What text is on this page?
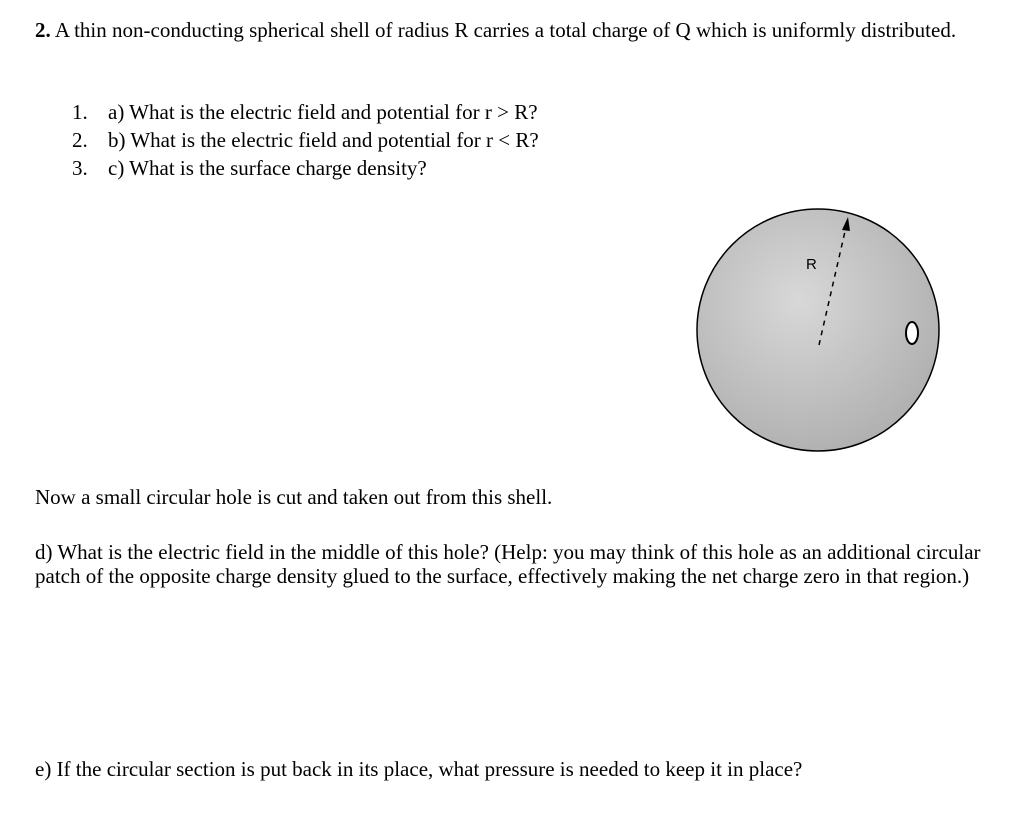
2. A thin non-conducting spherical shell of radius R carries a total charge of Q which is uniformly distributed.
1. a) What is the electric field and potential for r > R?
2. b) What is the electric field and potential for r < R?
3. c) What is the surface charge density?
R
Now a small circular hole is cut and taken out from this shell.
d) What is the electric field in the middle of this hole? (Help: you may think of this hole as an additional circular patch of the opposite charge density glued to the surface, effectively making the net charge zero in that region.)
e) If the circular section is put back in its place, what pressure is needed to keep it in place?
